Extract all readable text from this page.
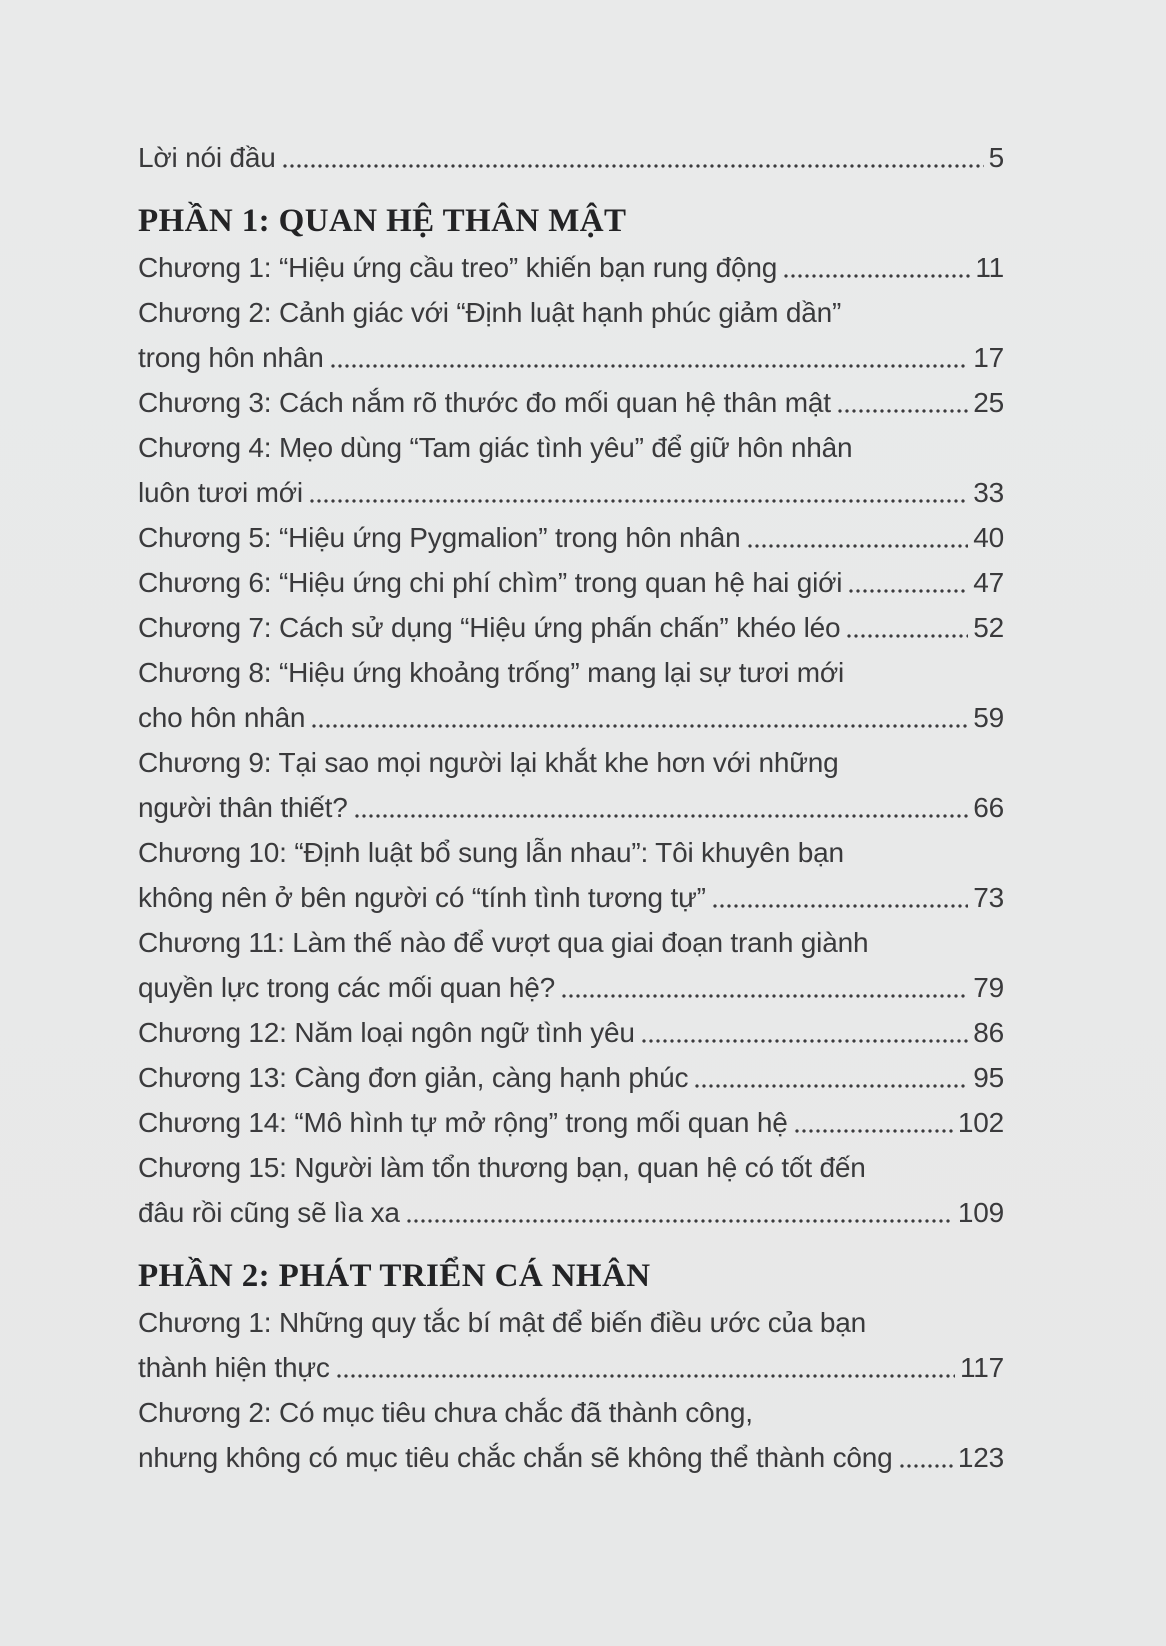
Lời nói đầu	5
PHẦN 1: QUAN HỆ THÂN MẬT
Chương 1: “Hiệu ứng cầu treo” khiến bạn rung động	11
Chương 2: Cảnh giác với “Định luật hạnh phúc giảm dần”
trong hôn nhân	17
Chương 3: Cách nắm rõ thước đo mối quan hệ thân mật	25
Chương 4: Mẹo dùng “Tam giác tình yêu” để giữ hôn nhân
luôn tươi mới	33
Chương 5: “Hiệu ứng Pygmalion” trong hôn nhân	40
Chương 6: “Hiệu ứng chi phí chìm” trong quan hệ hai giới	47
Chương 7: Cách sử dụng “Hiệu ứng phấn chấn” khéo léo	52
Chương 8: “Hiệu ứng khoảng trống” mang lại sự tươi mới
cho hôn nhân	59
Chương 9: Tại sao mọi người lại khắt khe hơn với những
người thân thiết?	66
Chương 10: “Định luật bổ sung lẫn nhau”: Tôi khuyên bạn
không nên ở bên người có “tính tình tương tự”	73
Chương 11: Làm thế nào để vượt qua giai đoạn tranh giành
quyền lực trong các mối quan hệ?	79
Chương 12: Năm loại ngôn ngữ tình yêu	86
Chương 13: Càng đơn giản, càng hạnh phúc	95
Chương 14: “Mô hình tự mở rộng” trong mối quan hệ	102
Chương 15: Người làm tổn thương bạn, quan hệ có tốt đến
đâu rồi cũng sẽ lìa xa	109
PHẦN 2: PHÁT TRIỂN CÁ NHÂN
Chương 1: Những quy tắc bí mật để biến điều ước của bạn
thành hiện thực	117
Chương 2: Có mục tiêu chưa chắc đã thành công,
nhưng không có mục tiêu chắc chắn sẽ không thể thành công 123
